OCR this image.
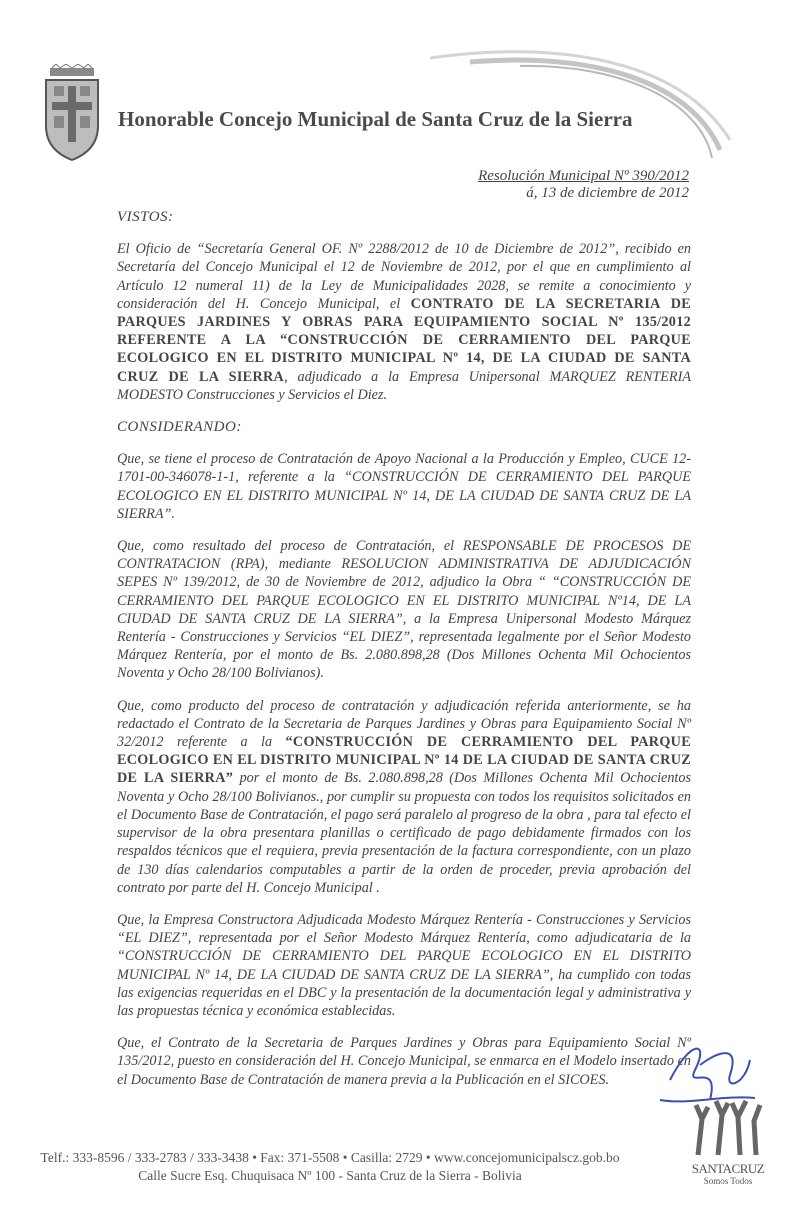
Honorable Concejo Municipal de Santa Cruz de la Sierra
Resolución Municipal Nº 390/2012
á, 13 de diciembre de 2012

VISTOS:

El Oficio de “Secretaría General OF. Nº 2288/2012 de 10 de Diciembre de 2012”, recibido en Secretaría del Concejo Municipal el 12 de Noviembre de 2012, por el que en cumplimiento al Artículo 12 numeral 11) de la Ley de Municipalidades 2028, se remite a conocimiento y consideración del H. Concejo Municipal, el CONTRATO DE LA SECRETARIA DE PARQUES JARDINES Y OBRAS PARA EQUIPAMIENTO SOCIAL Nº 135/2012 REFERENTE A LA “CONSTRUCCIÓN DE CERRAMIENTO DEL PARQUE ECOLOGICO EN EL DISTRITO MUNICIPAL Nº 14, DE LA CIUDAD DE SANTA CRUZ DE LA SIERRA, adjudicado a la Empresa Unipersonal MARQUEZ RENTERIA MODESTO Construcciones y Servicios el Diez.

CONSIDERANDO:

Que, se tiene el proceso de Contratación de Apoyo Nacional a la Producción y Empleo, CUCE 12-1701-00-346078-1-1, referente a la “CONSTRUCCIÓN DE CERRAMIENTO DEL PARQUE ECOLOGICO EN EL DISTRITO MUNICIPAL Nº 14, DE LA CIUDAD DE SANTA CRUZ DE LA SIERRA”.

Que, como resultado del proceso de Contratación, el RESPONSABLE DE PROCESOS DE CONTRATACION (RPA), mediante RESOLUCION ADMINISTRATIVA DE ADJUDICACIÓN SEPES Nº 139/2012, de 30 de Noviembre de 2012, adjudico la Obra “ “CONSTRUCCIÓN DE CERRAMIENTO DEL PARQUE ECOLOGICO EN EL DISTRITO MUNICIPAL Nº14, DE LA CIUDAD DE SANTA CRUZ DE LA SIERRA”, a la Empresa Unipersonal Modesto Márquez Rentería - Construcciones y Servicios “EL DIEZ”, representada legalmente por el Señor Modesto Márquez Rentería, por el monto de Bs. 2.080.898,28 (Dos Millones Ochenta Mil Ochocientos Noventa y Ocho 28/100 Bolivianos).

Que, como producto del proceso de contratación y adjudicación referida anteriormente, se ha redactado el Contrato de la Secretaria de Parques Jardines y Obras para Equipamiento Social Nº 32/2012 referente a la “CONSTRUCCIÓN DE CERRAMIENTO DEL PARQUE ECOLOGICO EN EL DISTRITO MUNICIPAL Nº 14 DE LA CIUDAD DE SANTA CRUZ DE LA SIERRA” por el monto de Bs. 2.080.898,28 (Dos Millones Ochenta Mil Ochocientos Noventa y Ocho 28/100 Bolivianos., por cumplir su propuesta con todos los requisitos solicitados en el Documento Base de Contratación, el pago será paralelo al progreso de la obra , para tal efecto el supervisor de la obra presentara planillas o certificado de pago debidamente firmados con los respaldos técnicos que el requiera, previa presentación de la factura correspondiente, con un plazo de 130 días calendarios computables a partir de la orden de proceder, previa aprobación del contrato por parte del H. Concejo Municipal .

Que, la Empresa Constructora Adjudicada Modesto Márquez Rentería - Construcciones y Servicios “EL DIEZ”, representada por el Señor Modesto Márquez Rentería, como adjudicataria de la “CONSTRUCCIÓN DE CERRAMIENTO DEL PARQUE ECOLOGICO EN EL DISTRITO MUNICIPAL Nº 14, DE LA CIUDAD DE SANTA CRUZ DE LA SIERRA”, ha cumplido con todas las exigencias requeridas en el DBC y la presentación de la documentación legal y administrativa y las propuestas técnica y económica establecidas.

Que, el Contrato de la Secretaria de Parques Jardines y Obras para Equipamiento Social Nº 135/2012, puesto en consideración del H. Concejo Municipal, se enmarca en el Modelo insertado en el Documento Base de Contratación de manera previa a la Publicación en el SICOES.

SANTACRUZ
Somos Todos
Telf.: 333-8596 / 333-2783 / 333-3438 • Fax: 371-5508 • Casilla: 2729 • www.concejomunicipalscz.gob.bo
Calle Sucre Esq. Chuquisaca Nº 100 - Santa Cruz de la Sierra - Bolivia
